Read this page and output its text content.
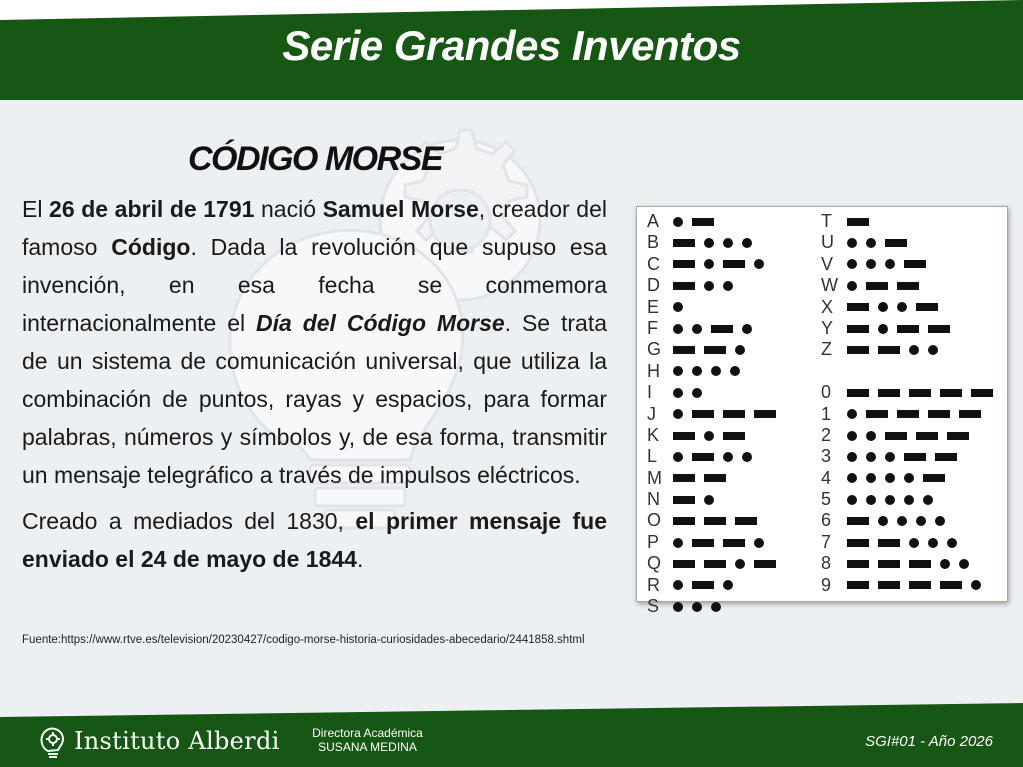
Serie Grandes Inventos
CÓDIGO MORSE

El 26 de abril de 1791 nació Samuel Morse, creador del famoso Código. Dada la revolución que supuso esa invención, en esa fecha se conmemora internacionalmente el Día del Código Morse. Se trata de un sistema de comunicación universal, que utiliza la combinación de puntos, rayas y espacios, para formar palabras, números y símbolos y, de esa forma, transmitir un mensaje telegráfico a través de impulsos eléctricos.

Creado a mediados del 1830, el primer mensaje fue enviado el 24 de mayo de 1844.

Fuente:https://www.rtve.es/television/20230427/codigo-morse-historia-curiosidades-abecedario/2441858.shtml
A
B
C
D
E
F
G
H
I
J
K
L
M
N
O
P
Q
R
S
T
U
V
W
X
Y
Z
0
1
2
3
4
5
6
7
8
9
Instituto Alberdi	Directora Académica
SUSANA MEDINA	SGI#01 - Año 2026
